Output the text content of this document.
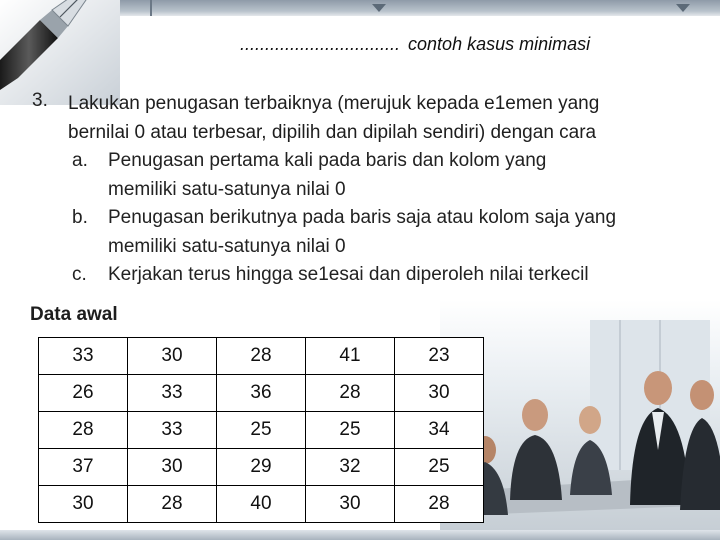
................................ contoh kasus minimasi
3. Lakukan penugasan terbaiknya (merujuk kepada e1emen yang
bernilai 0 atau terbesar, dipilih dan dipilah sendiri) dengan cara
a. Penugasan pertama kali pada baris dan kolom yang
memiliki satu-satunya nilai 0
b. Penugasan berikutnya pada baris saja atau kolom saja yang
memiliki satu-satunya nilai 0
c. Kerjakan terus hingga se1esai dan diperoleh nilai terkecil
Data awal
33	30	28	41	23
26	33	36	28	30
28	33	25	25	34
37	30	29	32	25
30	28	40	30	28
